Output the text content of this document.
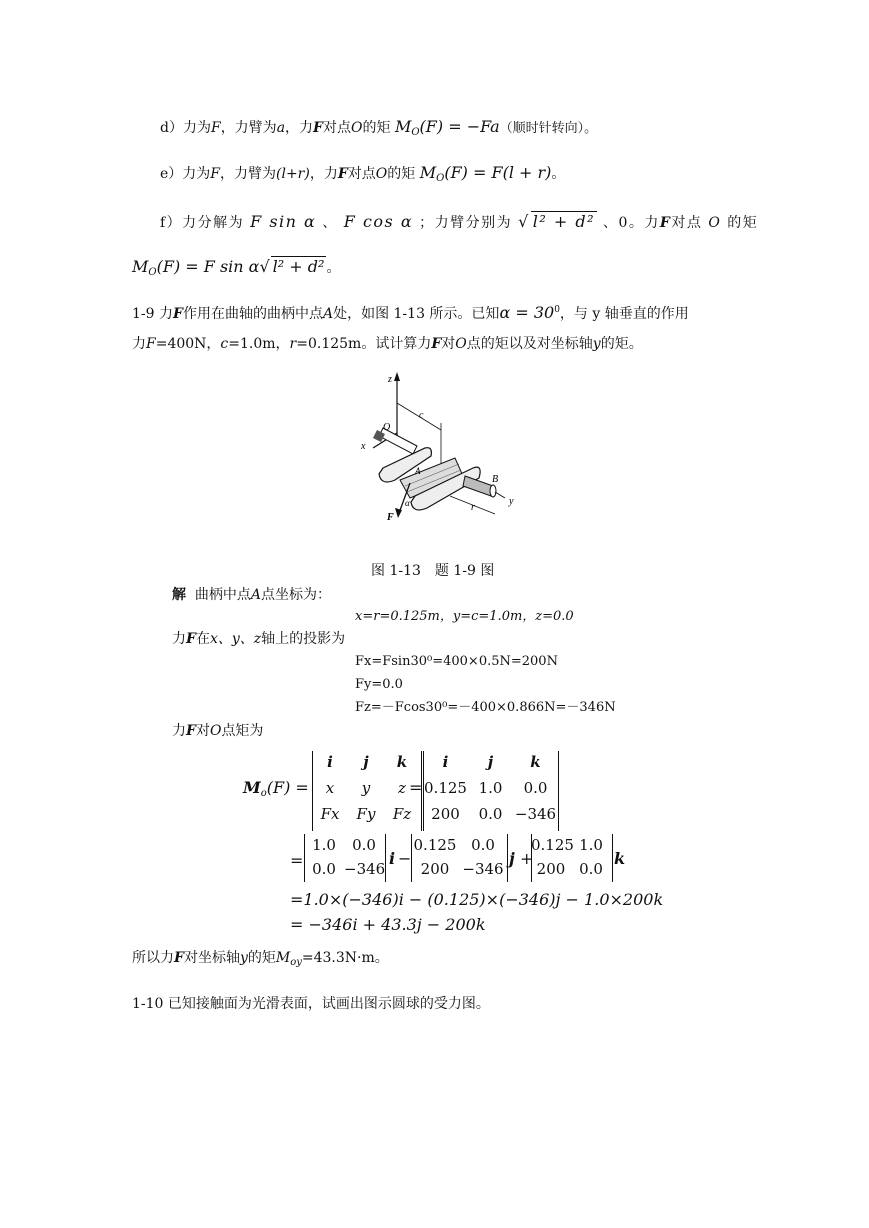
d）力为F，力臂为a，力F对点O的矩 $M_O(F) = -Fa$（顺时针转向）。
e）力为F，力臂为(l+r)，力F对点O的矩 $M_O(F) = F(l + r)$。
f）力分解为 F sin α 、 F cos α ；力臂分别为 √ l² + d² 、0。力F对点 O 的矩
$M_O(F) = F$ sin α√ l² + d² 。
1-9 力F作用在曲轴的曲柄中点A处，如图 1-13 所示。已知$\alpha = 30^0$，与 y 轴垂直的作用
力F=400N，c=1.0m，r=0.125m。试计算力F对O点的矩以及对坐标轴y的矩。
z
c
O
x
A
α
B
r
y
F
图 1-13　题 1-9 图
解 曲柄中点A点坐标为：
x=r=0.125m，y=c=1.0m，z=0.0
力F在x、y、z轴上的投影为
Fx=Fsin30⁰=400×0.5N=200N
Fy=0.0
Fz=－Fcos30⁰=－400×0.866N=－346N
力F对O点矩为
$M_o(F)$ =
i	j	k
x	y	z
Fx	Fy	Fz
=
i	j	k
0.125 1.0	0.0
200	0.0 −346
=
1.0	0.0
0.0 −346
i −
0.125 0.0
200 −346
j +
0.125 1.0
200 0.0
k
=1.0×(−346)i − (0.125)×(−346)j − 1.0×200k
= −346i + 43.3j − 200k
所以力F对坐标轴y的矩$M_{oy}=43.3N\cdot m$。
1-10 已知接触面为光滑表面，试画出图示圆球的受力图。
